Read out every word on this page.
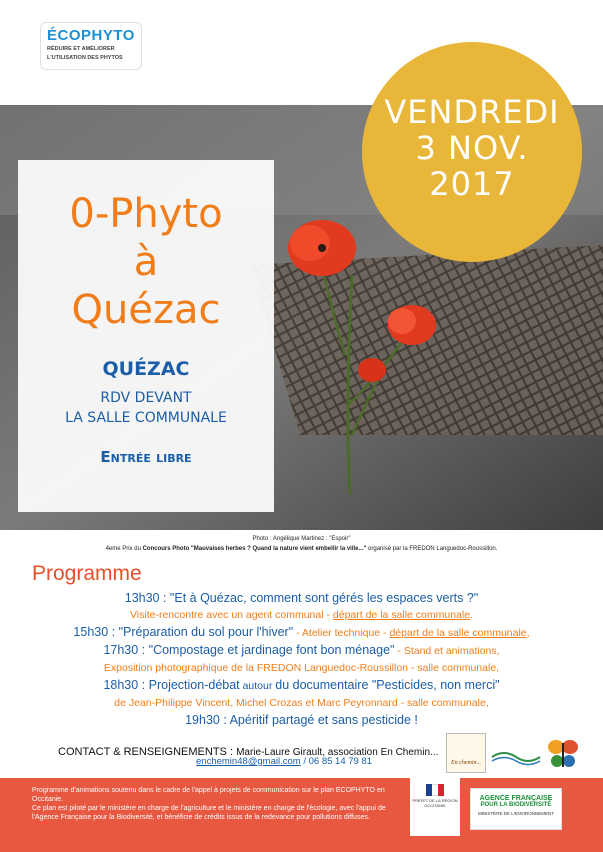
ÉCOPHYTO
RÉDUIRE ET AMÉLIORER
L'UTILISATION DES PHYTOS
VENDREDI
3 NOV.
2017
0-Phyto
à
Quézac
QUÉZAC
RDV DEVANT
LA SALLE COMMUNALE
Entrée libre
Photo : Angélique Martinez : "Espoir"
4eme Prix du Concours Photo "Mauvaises herbes ? Quand la nature vient embellir la ville..." organisé par la FREDON Languedoc-Roussillon.
Programme
13h30 : "Et à Quézac, comment sont gérés les espaces verts ?"
Visite-rencontre avec un agent communal - départ de la salle communale.
15h30 : "Préparation du sol pour l'hiver" - Atelier technique - départ de la salle communale,
17h30 : "Compostage et jardinage font bon ménage" - Stand et animations,
Exposition photographique de la FREDON Languedoc-Roussillon - salle communale,
18h30 : Projection-débat autour du documentaire "Pesticides, non merci"
de Jean-Philippe Vincent, Michel Crozas et Marc Peyronnard - salle communale,
19h30 : Apéritif partagé et sans pesticide !
CONTACT & RENSEIGNEMENTS : Marie-Laure Girault, association En Chemin...
enchemin48@gmail.com / 06 85 14 79 81	En chemin...
Programme d'animations soutenu dans le cadre de l'appel à projets de communication sur le plan ECOPHYTO en Occitanie.
Ce plan est piloté par le ministère en charge de l'agriculture et le ministère en charge de l'écologie, avec l'appui de l'Agence Française pour la Biodiversité, et bénéficie de crédits issus de la redevance pour pollutions diffuses.
PRÉFET DE LA RÉGION OCCITANIE
AGENCE FRANÇAISE
POUR LA BIODIVERSITÉ
MINISTÈRE DE L'ENVIRONNEMENT
